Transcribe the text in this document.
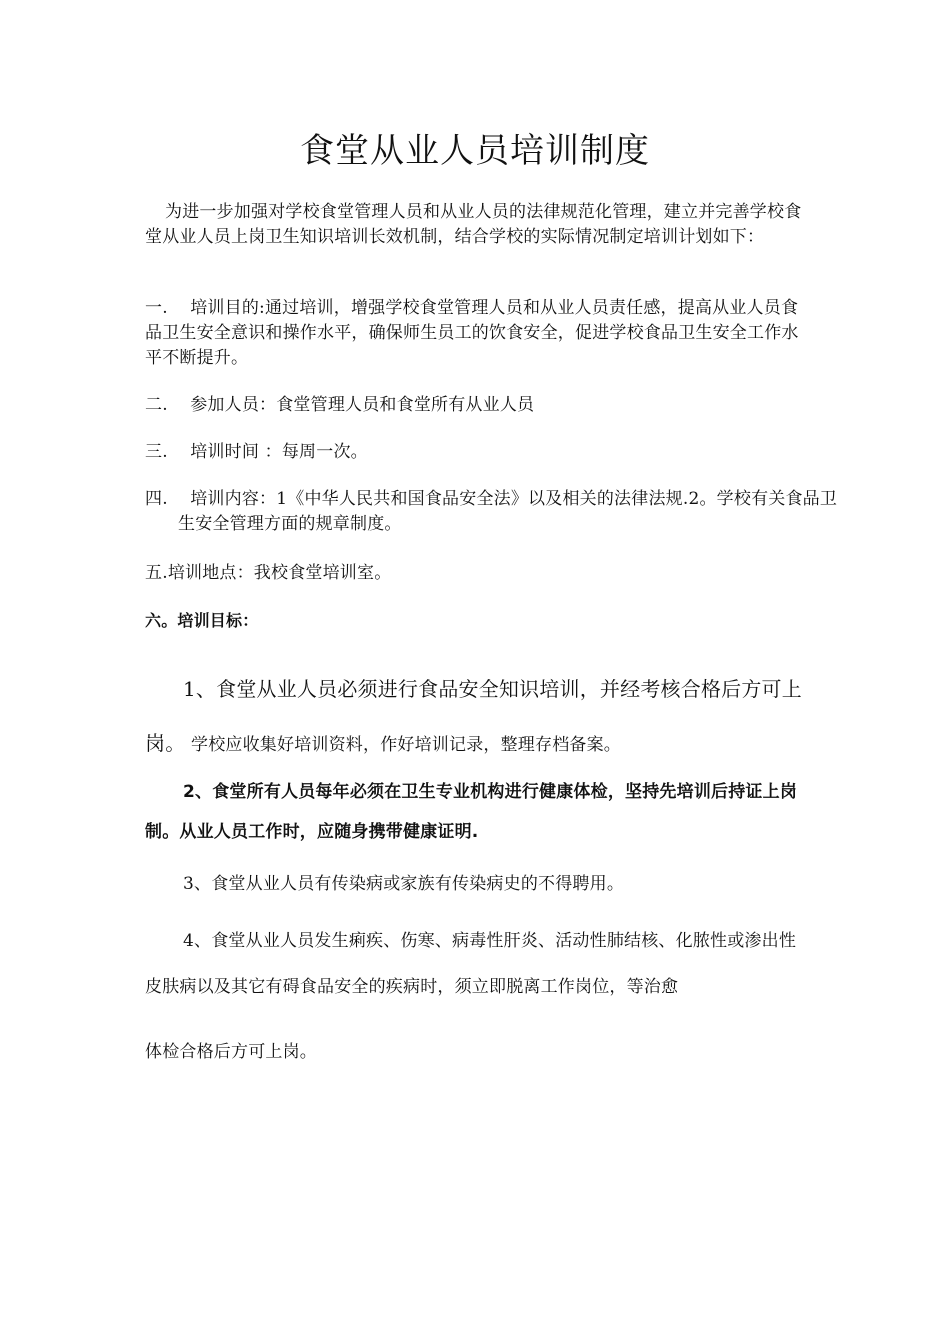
食堂从业人员培训制度
为进一步加强对学校食堂管理人员和从业人员的法律规范化管理，建立并完善学校食堂从业人员上岗卫生知识培训长效机制，结合学校的实际情况制定培训计划如下：
一. 培训目的:通过培训，增强学校食堂管理人员和从业人员责任感，提高从业人员食品卫生安全意识和操作水平，确保师生员工的饮食安全，促进学校食品卫生安全工作水平不断提升。
二. 参加人员：食堂管理人员和食堂所有从业人员
三. 培训时间 ：每周一次。
四. 培训内容：1《中华人民共和国食品安全法》以及相关的法律法规.2。学校有关食品卫生安全管理方面的规章制度。
五.培训地点：我校食堂培训室。
六。培训目标：
1、食堂从业人员必须进行食品安全知识培训，并经考核合格后方可上岗。 学校应收集好培训资料，作好培训记录，整理存档备案。
2、食堂所有人员每年必须在卫生专业机构进行健康体检，坚持先培训后持证上岗制。从业人员工作时，应随身携带健康证明.
3、食堂从业人员有传染病或家族有传染病史的不得聘用。
4、食堂从业人员发生痢疾、伤寒、病毒性肝炎、活动性肺结核、化脓性或渗出性皮肤病以及其它有碍食品安全的疾病时，须立即脱离工作岗位，等治愈
体检合格后方可上岗。
